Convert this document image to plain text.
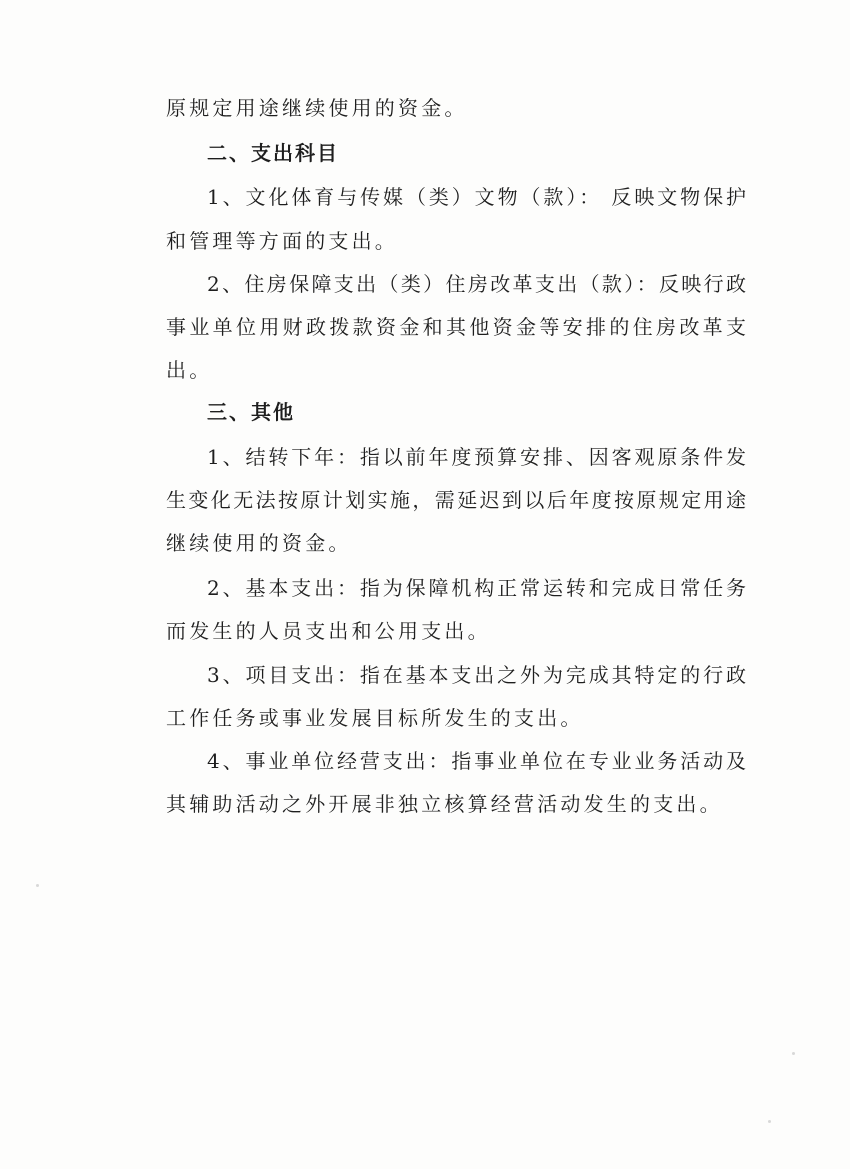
原规定用途继续使用的资金。
二、支出科目
1、文化体育与传媒（类）文物（款）： 反映文物保护
和管理等方面的支出。
2、住房保障支出（类）住房改革支出（款）：反映行政
事业单位用财政拨款资金和其他资金等安排的住房改革支
出。
三、其他
1、结转下年：指以前年度预算安排、因客观原条件发
生变化无法按原计划实施，需延迟到以后年度按原规定用途
继续使用的资金。
2、基本支出：指为保障机构正常运转和完成日常任务
而发生的人员支出和公用支出。
3、项目支出：指在基本支出之外为完成其特定的行政
工作任务或事业发展目标所发生的支出。
4、事业单位经营支出：指事业单位在专业业务活动及
其辅助活动之外开展非独立核算经营活动发生的支出。
